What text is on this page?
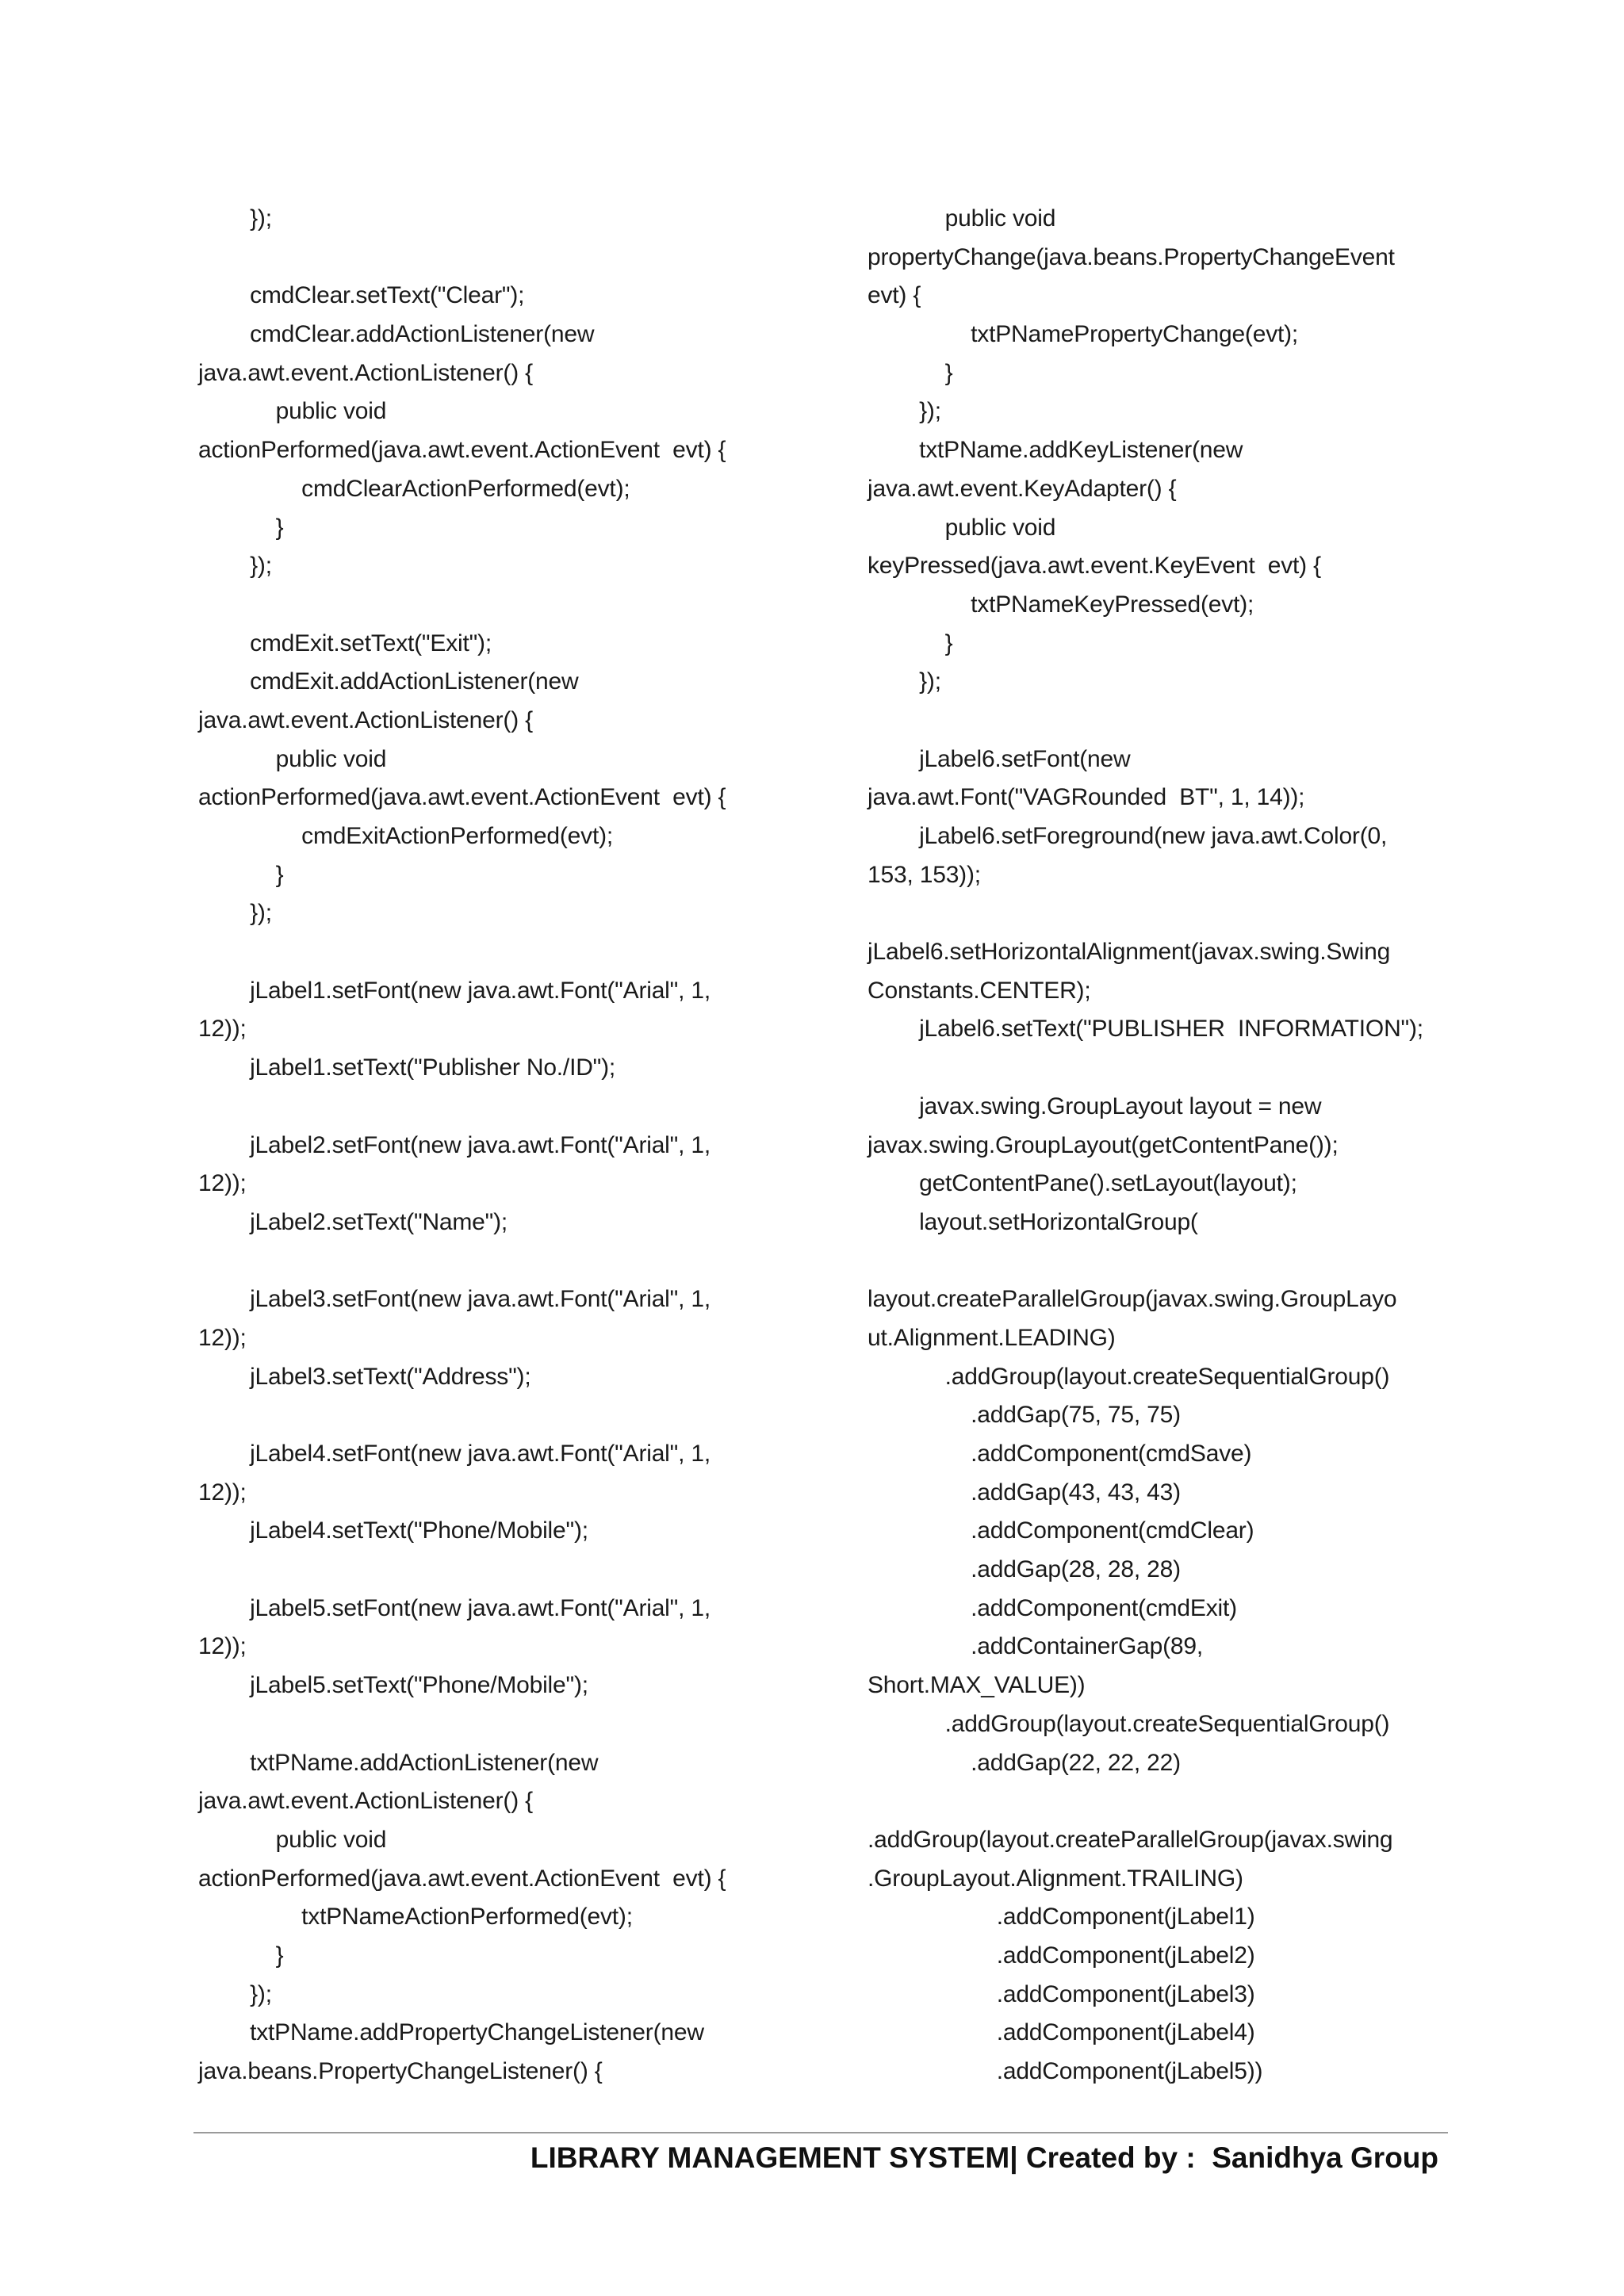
});
cmdClear.setText("Clear");
cmdClear.addActionListener(new
java.awt.event.ActionListener() {
public void
actionPerformed(java.awt.event.ActionEvent  evt) {
cmdClearActionPerformed(evt);
}
});
cmdExit.setText("Exit");
cmdExit.addActionListener(new
java.awt.event.ActionListener() {
public void
actionPerformed(java.awt.event.ActionEvent  evt) {
cmdExitActionPerformed(evt);
}
});
jLabel1.setFont(new java.awt.Font("Arial", 1,
12));
jLabel1.setText("Publisher No./ID");
jLabel2.setFont(new java.awt.Font("Arial", 1,
12));
jLabel2.setText("Name");
jLabel3.setFont(new java.awt.Font("Arial", 1,
12));
jLabel3.setText("Address");
jLabel4.setFont(new java.awt.Font("Arial", 1,
12));
jLabel4.setText("Phone/Mobile");
jLabel5.setFont(new java.awt.Font("Arial", 1,
12));
jLabel5.setText("Phone/Mobile");
txtPName.addActionListener(new
java.awt.event.ActionListener() {
public void
actionPerformed(java.awt.event.ActionEvent  evt) {
txtPNameActionPerformed(evt);
}
});
txtPName.addPropertyChangeListener(new
java.beans.PropertyChangeListener() {
public void
propertyChange(java.beans.PropertyChangeEvent
evt) {
txtPNamePropertyChange(evt);
}
});
txtPName.addKeyListener(new
java.awt.event.KeyAdapter() {
public void
keyPressed(java.awt.event.KeyEvent  evt) {
txtPNameKeyPressed(evt);
}
});
jLabel6.setFont(new
java.awt.Font("VAGRounded  BT", 1, 14));
jLabel6.setForeground(new java.awt.Color(0,
153, 153));
jLabel6.setHorizontalAlignment(javax.swing.Swing
Constants.CENTER);
jLabel6.setText("PUBLISHER  INFORMATION");
javax.swing.GroupLayout layout = new
javax.swing.GroupLayout(getContentPane());
getContentPane().setLayout(layout);
layout.setHorizontalGroup(
layout.createParallelGroup(javax.swing.GroupLayo
ut.Alignment.LEADING)
.addGroup(layout.createSequentialGroup()
.addGap(75, 75, 75)
.addComponent(cmdSave)
.addGap(43, 43, 43)
.addComponent(cmdClear)
.addGap(28, 28, 28)
.addComponent(cmdExit)
.addContainerGap(89,
Short.MAX_VALUE))
.addGroup(layout.createSequentialGroup()
.addGap(22, 22, 22)
.addGroup(layout.createParallelGroup(javax.swing
.GroupLayout.Alignment.TRAILING)
.addComponent(jLabel1)
.addComponent(jLabel2)
.addComponent(jLabel3)
.addComponent(jLabel4)
.addComponent(jLabel5))
LIBRARY MANAGEMENT SYSTEM| Created by :  Sanidhya Group
